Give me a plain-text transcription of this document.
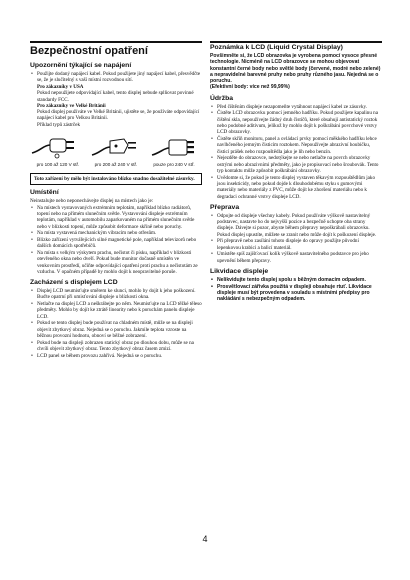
Bezpečnostní opatření
Upozornění týkající se napájení
• Použijte dodaný napájecí kabel. Pokud použijete jiný napájecí kabel, přesvědčte se, že je slučitelný s vaší místní rozvodnou sítí.

Pro zákazníky v USA

Pokud nepoužijete odpovídající kabel, tento displej nebude splňovat povinné standardy FCC.

Pro zákazníky ve Velké Británii

Pokud displej používáte ve Velké Británii, ujistěte se, že používáte odpovídající napájecí kabel pro Velkou Británii.

Příklad typů zástrček

pro 100 až 120 V stř.	pro 200 až 240 V stř.	pouze pro 240 V stř.

Toto zařízení by mělo být instalováno blízko snadno dosažitelné zásuvky.

Umístění

Neinstalujte nebo neponechávejte displej na místech jako je:

• Na místech vystavovaných extrémním teplotám, například blízko radiátorů, topení nebo na přímém slunečním světle. Vystavování displeje extrémním teplotám, například v automobilu zaparkovaném na přímém slunečním světle nebo v blízkosti topení, může způsobit deformace skříně nebo poruchy.
• Na místa vystavená mechanickým vibracím nebo otřesům.
• Blízko zařízení vytvářejících silné magnetické pole, například televizorů nebo dalších domácích spotřebičů.
• Na místa s velkým výskytem prachu, nečistot či písku, například v blízkosti otevřeného okna nebo dveří. Pokud bude monitor dočasně umístěn ve venkovním prostředí, učiňte odpovídající opatření proti prachu a nečistotám ze vzduchu. V opačném případě by mohlo dojít k neopravitelné poruše.
Zacházení s displejem LCD
• Displej LCD neumisťujte směrem ke slunci, mohlo by dojít k jeho poškození. Buďte opatrní při umisťování displeje u blízkosti okna.
• Netlačte na displej LCD a neškrábejte po něm. Neumisťujte na LCD těžké těleso předměty. Mohlo by dojít ke ztrátě linearity nebo k poruchám panelu displeje LCD.
• Pokud se tento displej bude používat na chladném místě, může se na displeji objevit zbytkový obraz. Nejedná se o poruchu. Jakmile teplota vzroste na běžnou provozní hodnotu, obnoví se běžné zobrazení.
• Pokud bude na displeji zobrazen statický obraz po dlouhou dobu, může se na chvíli objevit zbytkový obraz. Tento zbytkový obraz časem zmizí.
• LCD panel se během provozu zahřívá. Nejedná se o poruchu.
Poznámka k LCD (Liquid Crystal Display)

Povšimněte si, že LCD obrazovka je vyrobena pomocí vysoce přesné technologie. Nicméně na LCD obrazovce se mohou objevovat konstantní černé body nebo světlé body (červené, modré nebo zelené) a nepravidelné barevné pruhy nebo pruhy různého jasu. Nejedná se o poruchu.

(Efektivní body: více než 99,99%)

Údržba
• Před čištěním displeje nezapomeňte vytáhnout napájecí kabel ze zásuvky.
• Čistěte LCD obrazovku pomocí jemného hadříku. Pokud použijete kapalinu na čištění skla, nepoužívejte žádný druh čističů, které obsahují antistatický roztok nebo podobné aditivum, jelikož by mohlo dojít k poškrábání povrchové vrstvy LCD obrazovky.
• Čistěte skříň monitoru, panel a ovládací prvky pomocí měkkého hadříku lehce navlhčeného jemným čisticím roztokem. Nepoužívejte abrazivní houbičku, čisticí prášek nebo rozpouštědla jako je líh nebo benzín.
• Nejezděte do obrazovce, nedotýkejte se nebo netlačte na povrch obrazovky ostrými nebo abrazivními předměty, jako je propisovací nebo šroubovák. Tento typ kontaktu může způsobit poškrábání obrazovky.
• Uvědomte si, že pokud je tento displej vystaven těkavým rozpouštědlům jako jsou insekticidy, nebo pokud dojde k dlouhodobému styku s gumovými materiály nebo materiály z PVC, může dojít ke zhoršení materiálu nebo k degradaci ochranné vrstvy displeje LCD.
Přeprava
• Odpojte od displeje všechny kabely. Pokud používáte výškově nastavitelný podstavec, nastavte ho do nejvyšší pozice a bezpečně uchopte oba strany displeje. Dávejte si pozor, abyste během přepravy nepoškrábali obrazovku. Pokud displej upustíte, můžete se zranit nebo může dojít k poškození displeje.
• Při přepravě nebo zasílání tohoto displeje do opravy použijte původní lepenkovou krabici a balicí materiál.
• Umístěte spíš zajišťovací kolík výškově nastavitelného podstavce pro jeho upevnění během přepravy.
Likvidace displeje
• Nelikvidujte tento displej spolu s běžným domacím odpadem.
• Prosvětlovací zářivka použitá v displeji obsahuje rtuť. Likvidace displeje musí být provedena v souladu s místními předpisy pro nakládání s nebezpečným odpadem.
4
